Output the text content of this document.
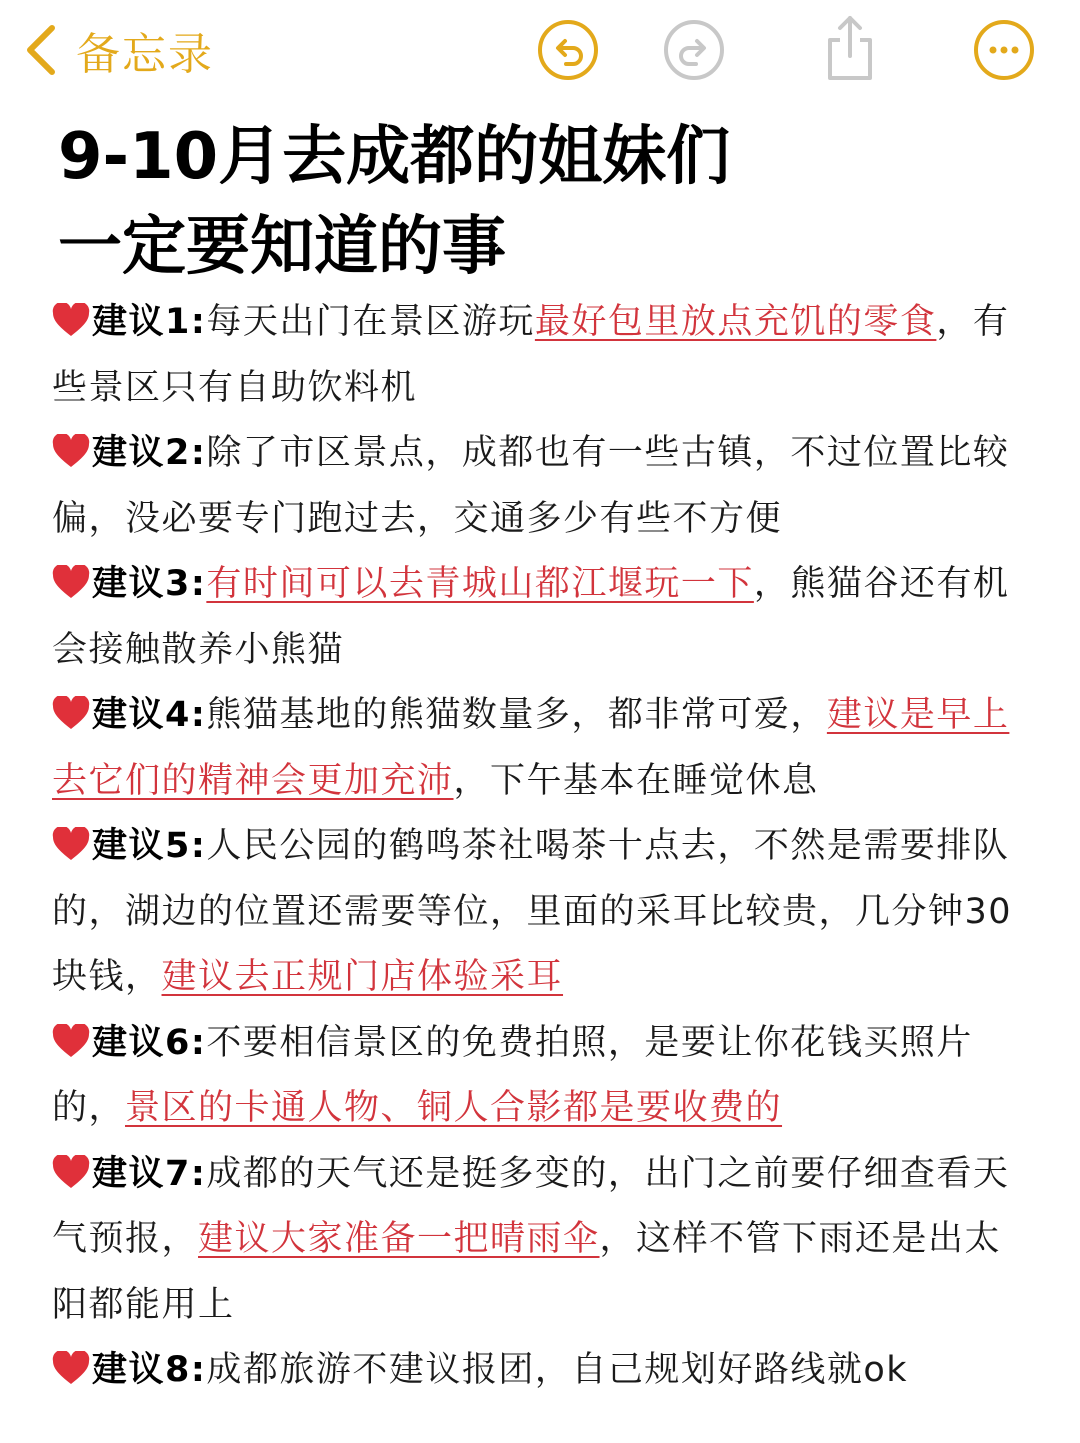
备忘录
9-10月去成都的姐妹们
一定要知道的事

建议1:每天出门在景区游玩最好包里放点充饥的零食，有些景区只有自助饮料机

建议2:除了市区景点，成都也有一些古镇，不过位置比较偏，没必要专门跑过去，交通多少有些不方便

建议3:有时间可以去青城山都江堰玩一下，熊猫谷还有机会接触散养小熊猫

建议4:熊猫基地的熊猫数量多，都非常可爱，建议是早上去它们的精神会更加充沛，下午基本在睡觉休息

建议5:人民公园的鹤鸣茶社喝茶十点去，不然是需要排队的，湖边的位置还需要等位，里面的采耳比较贵，几分钟30块钱，建议去正规门店体验采耳

建议6:不要相信景区的免费拍照，是要让你花钱买照片的，景区的卡通人物、铜人合影都是要收费的

建议7:成都的天气还是挺多变的，出门之前要仔细查看天气预报，建议大家准备一把晴雨伞，这样不管下雨还是出太阳都能用上

建议8:成都旅游不建议报团，自己规划好路线就ok
